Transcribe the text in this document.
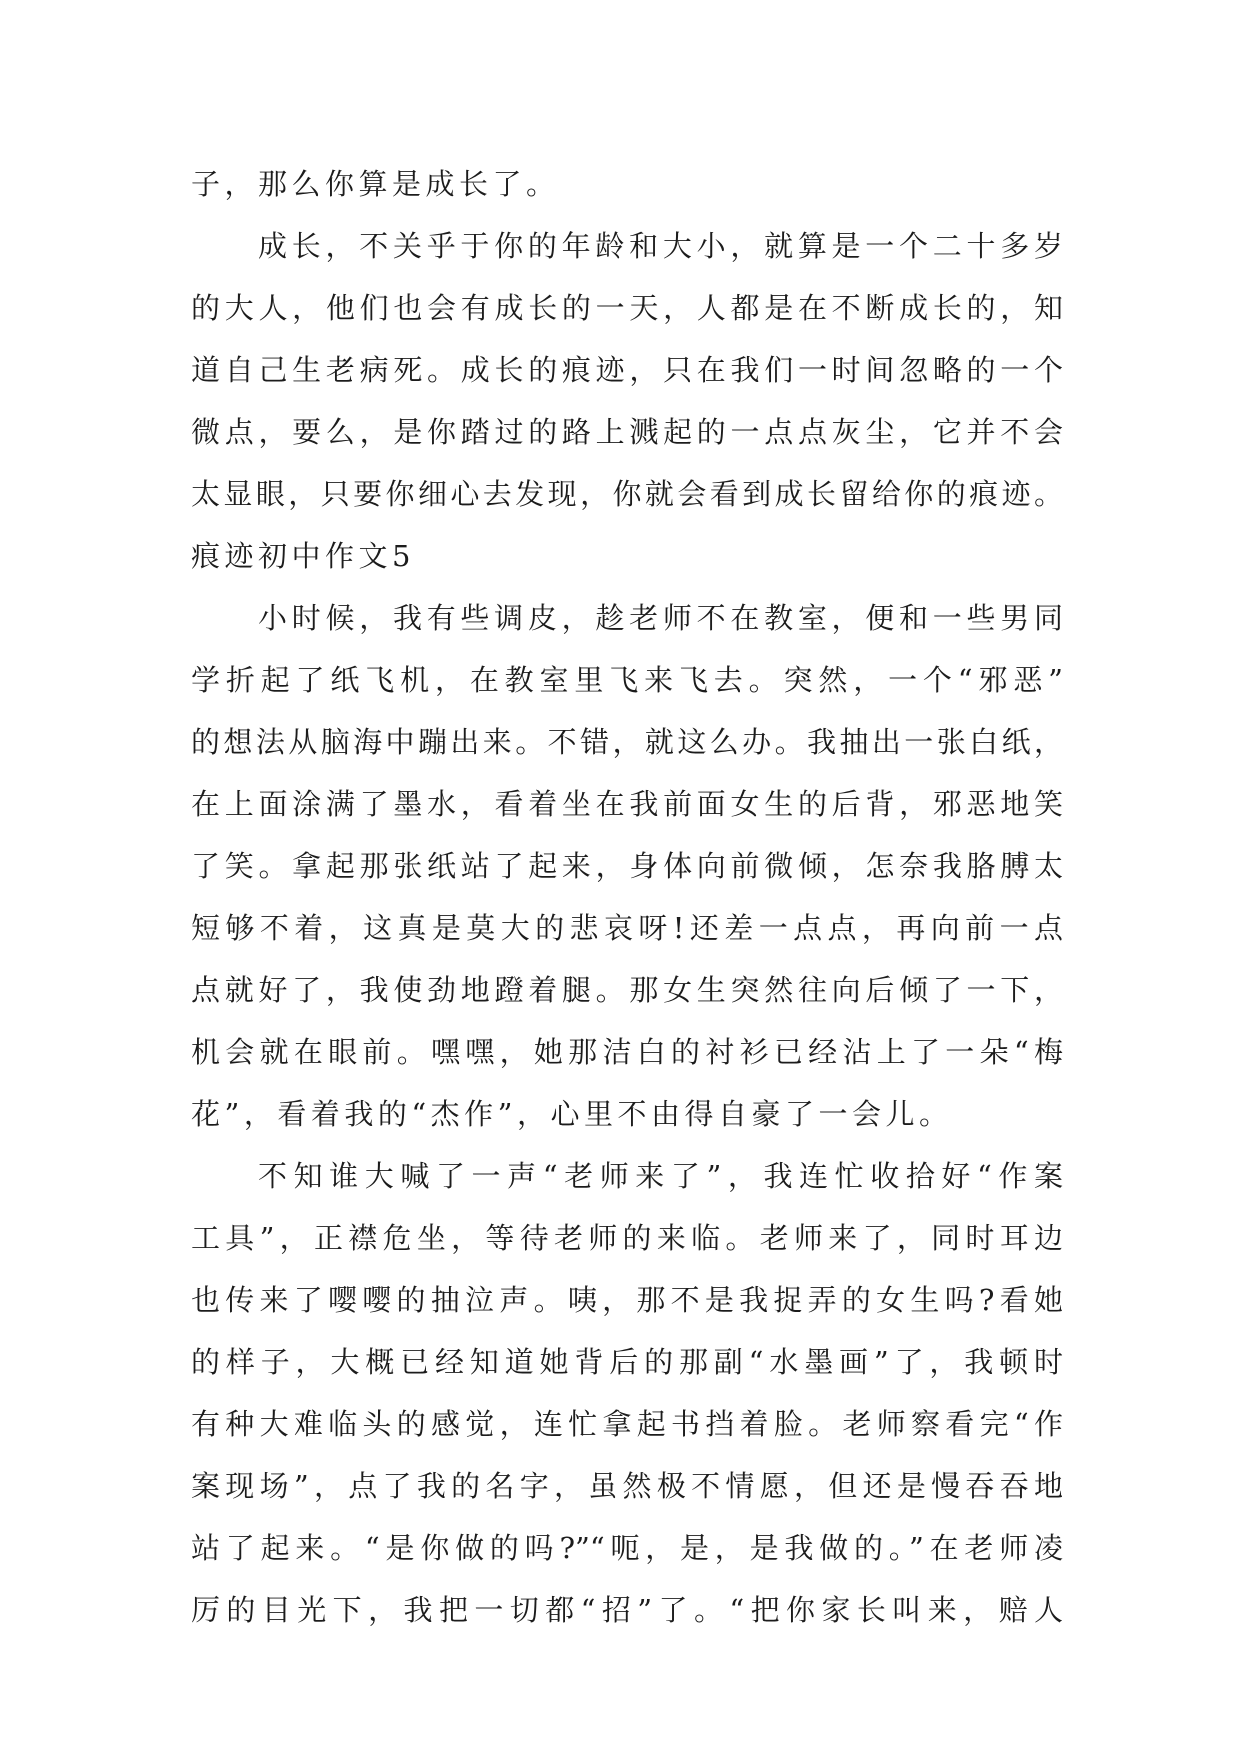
子，那么你算是成长了。
成长，不关乎于你的年龄和大小，就算是一个二十多岁
的大人，他们也会有成长的一天，人都是在不断成长的，知
道自己生老病死。成长的痕迹，只在我们一时间忽略的一个
微点，要么，是你踏过的路上溅起的一点点灰尘，它并不会
太显眼，只要你细心去发现，你就会看到成长留给你的痕迹。
痕迹初中作文5
小时候，我有些调皮，趁老师不在教室，便和一些男同
学折起了纸飞机，在教室里飞来飞去。突然，一个“邪恶”
的想法从脑海中蹦出来。不错，就这么办。我抽出一张白纸，
在上面涂满了墨水，看着坐在我前面女生的后背，邪恶地笑
了笑。拿起那张纸站了起来，身体向前微倾，怎奈我胳膊太
短够不着，这真是莫大的悲哀呀!还差一点点，再向前一点
点就好了，我使劲地蹬着腿。那女生突然往向后倾了一下，
机会就在眼前。嘿嘿，她那洁白的衬衫已经沾上了一朵“梅
花”，看着我的“杰作”，心里不由得自豪了一会儿。
不知谁大喊了一声“老师来了”，我连忙收拾好“作案
工具”，正襟危坐，等待老师的来临。老师来了，同时耳边
也传来了嘤嘤的抽泣声。咦，那不是我捉弄的女生吗?看她
的样子，大概已经知道她背后的那副“水墨画”了，我顿时
有种大难临头的感觉，连忙拿起书挡着脸。老师察看完“作
案现场”，点了我的名字，虽然极不情愿，但还是慢吞吞地
站了起来。“是你做的吗?”“呃，是，是我做的。”在老师凌
厉的目光下，我把一切都“招”了。“把你家长叫来，赔人
